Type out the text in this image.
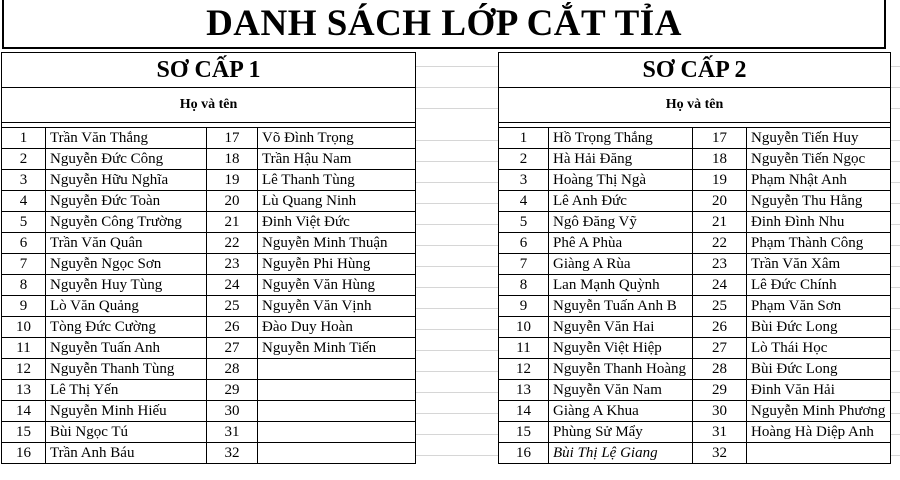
DANH SÁCH LỚP CẮT TỈA
SƠ CẤP 1			
Họ và tên			

1	Trần Văn Thắng	17	Võ Đình Trọng
2	Nguyễn Đức Công	18	Trần Hậu Nam
3	Nguyễn Hữu Nghĩa	19	Lê Thanh Tùng
4	Nguyễn Đức Toàn	20	Lù Quang Ninh
5	Nguyễn Công Trường	21	Đinh Việt Đức
6	Trần Văn Quân	22	Nguyễn Minh Thuận
7	Nguyễn Ngọc Sơn	23	Nguyễn Phi Hùng
8	Nguyễn Huy Tùng	24	Nguyễn Văn Hùng
9	Lò Văn Quảng	25	Nguyễn Văn Vịnh
10	Tòng Đức Cường	26	Đào Duy Hoàn
11	Nguyễn Tuấn Anh	27	Nguyễn Minh Tiến
12	Nguyễn Thanh Tùng	28	
13	Lê Thị Yến	29	
14	Nguyễn Minh Hiếu	30	
15	Bùi Ngọc Tú	31	
16	Trần Anh Báu	32	
SƠ CẤP 2			
Họ và tên			

1	Hồ Trọng Thắng	17	Nguyễn Tiến Huy
2	Hà Hải Đăng	18	Nguyễn Tiến Ngọc
3	Hoàng Thị Ngà	19	Phạm Nhật Anh
4	Lê Anh Đức	20	Nguyễn Thu Hằng
5	Ngô Đăng Vỹ	21	Đinh Đình Nhu
6	Phê A Phùa	22	Phạm Thành Công
7	Giàng A Rùa	23	Trần Văn Xâm
8	Lan Mạnh Quỳnh	24	Lê Đức Chính
9	Nguyễn Tuấn Anh B	25	Phạm Văn Sơn
10	Nguyễn Văn Hai	26	Bùi Đức Long
11	Nguyễn Việt Hiệp	27	Lò Thái Học
12	Nguyễn Thanh Hoàng	28	Bùi Đức Long
13	Nguyễn Văn Nam	29	Đinh Văn Hải
14	Giàng A Khua	30	Nguyễn Minh Phương
15	Phùng Sử Mẩy	31	Hoàng Hà Diệp Anh
16	Bùi Thị Lệ Giang	32	
